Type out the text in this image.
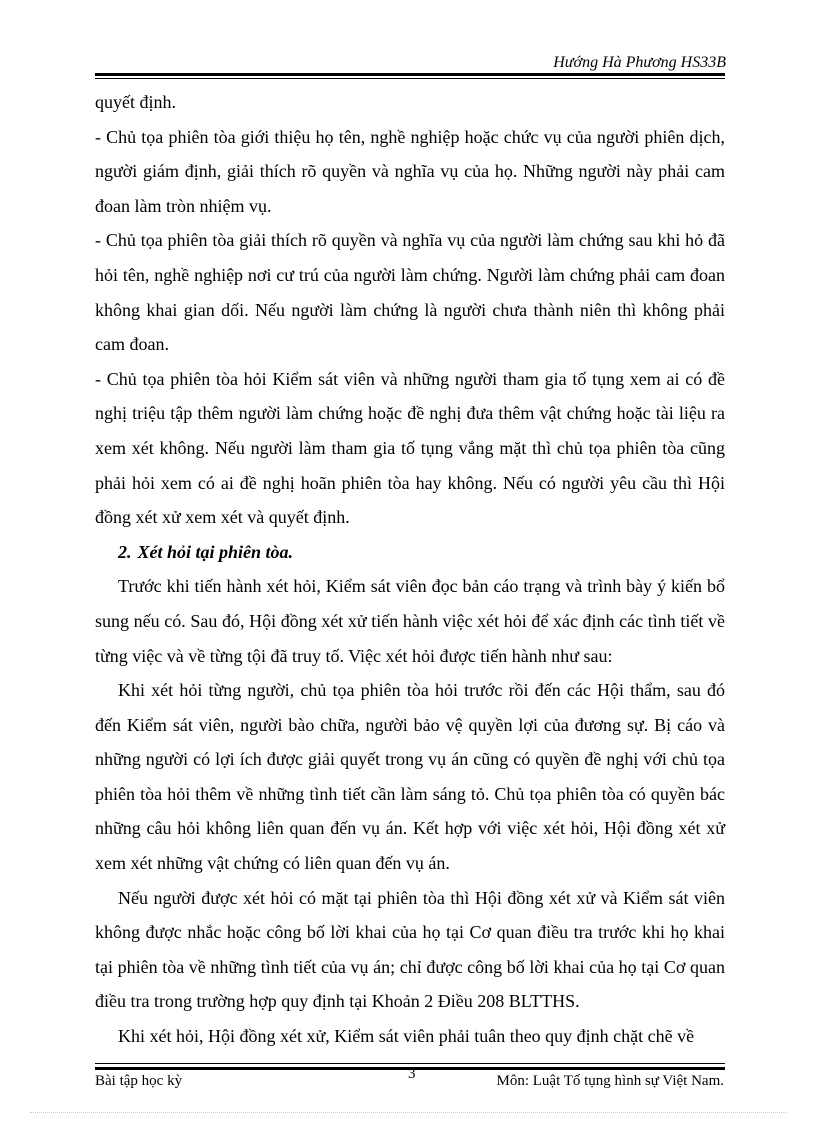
Hướng Hà Phương HS33B

quyết định.

- Chủ tọa phiên tòa giới thiệu họ tên, nghề nghiệp hoặc chức vụ của người phiên dịch, người giám định, giải thích rõ quyền và nghĩa vụ của họ. Những người này phải cam đoan làm tròn nhiệm vụ.

- Chủ tọa phiên tòa giải thích rõ quyền và nghĩa vụ của người làm chứng sau khi hỏ đã hỏi tên, nghề nghiệp nơi cư trú của người làm chứng. Người làm chứng phải cam đoan không khai gian dối. Nếu người làm chứng là người chưa thành niên thì không phải cam đoan.

- Chủ tọa phiên tòa hỏi Kiểm sát viên và những người tham gia tố tụng xem ai có đề nghị triệu tập thêm người làm chứng hoặc đề nghị đưa thêm vật chứng hoặc tài liệu ra xem xét không. Nếu người làm tham gia tố tụng vắng mặt thì chủ tọa phiên tòa cũng phải hỏi xem có ai đề nghị hoãn phiên tòa hay không. Nếu có người yêu cầu thì Hội đồng xét xử xem xét và quyết định.

2. Xét hỏi tại phiên tòa.

Trước khi tiến hành xét hỏi, Kiểm sát viên đọc bản cáo trạng và trình bày ý kiến bổ sung nếu có. Sau đó, Hội đồng xét xử tiến hành việc xét hỏi để xác định các tình tiết về từng việc và về từng tội đã truy tố. Việc xét hỏi được tiến hành như sau:

Khi xét hỏi từng người, chủ tọa phiên tòa hỏi trước rồi đến các Hội thẩm, sau đó đến Kiểm sát viên, người bào chữa, người bảo vệ quyền lợi của đương sự. Bị cáo và những người có lợi ích được giải quyết trong vụ án cũng có quyền đề nghị với chủ tọa phiên tòa hỏi thêm về những tình tiết cần làm sáng tỏ. Chủ tọa phiên tòa có quyền bác những câu hỏi không liên quan đến vụ án. Kết hợp với việc xét hỏi, Hội đồng xét xử xem xét những vật chứng có liên quan đến vụ án.

Nếu người được xét hỏi có mặt tại phiên tòa thì Hội đồng xét xử và Kiểm sát viên không được nhắc hoặc công bố lời khai của họ tại Cơ quan điều tra trước khi họ khai tại phiên tòa về những tình tiết của vụ án; chỉ được công bố lời khai của họ tại Cơ quan điều tra trong trường hợp quy định tại Khoản 2 Điều 208 BLTTHS.

Khi xét hỏi, Hội đồng xét xử, Kiểm sát viên phải tuân theo quy định chặt chẽ về

Bài tập học kỳ	3	Môn: Luật Tố tụng hình sự Việt Nam.
